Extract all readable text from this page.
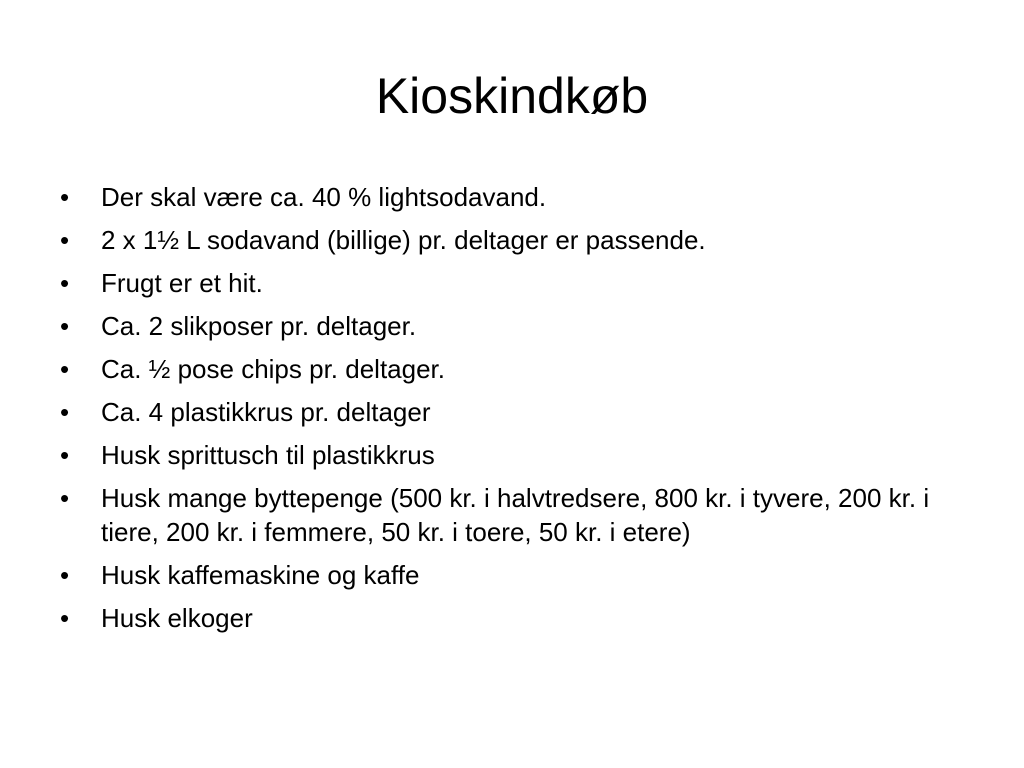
Kioskindkøb
•	Der skal være ca. 40 % lightsodavand.
•	2 x 1½ L sodavand (billige) pr. deltager er passende.
•	Frugt er et hit.
•	Ca. 2 slikposer pr. deltager.
•	Ca. ½ pose chips pr. deltager.
•	Ca. 4 plastikkrus pr. deltager
•	Husk sprittusch til plastikkrus
•	Husk mange byttepenge (500 kr. i halvtredsere, 800 kr. i tyvere, 200 kr. i tiere, 200 kr. i femmere, 50 kr. i toere, 50 kr. i etere)
•	Husk kaffemaskine og kaffe
•	Husk elkoger
